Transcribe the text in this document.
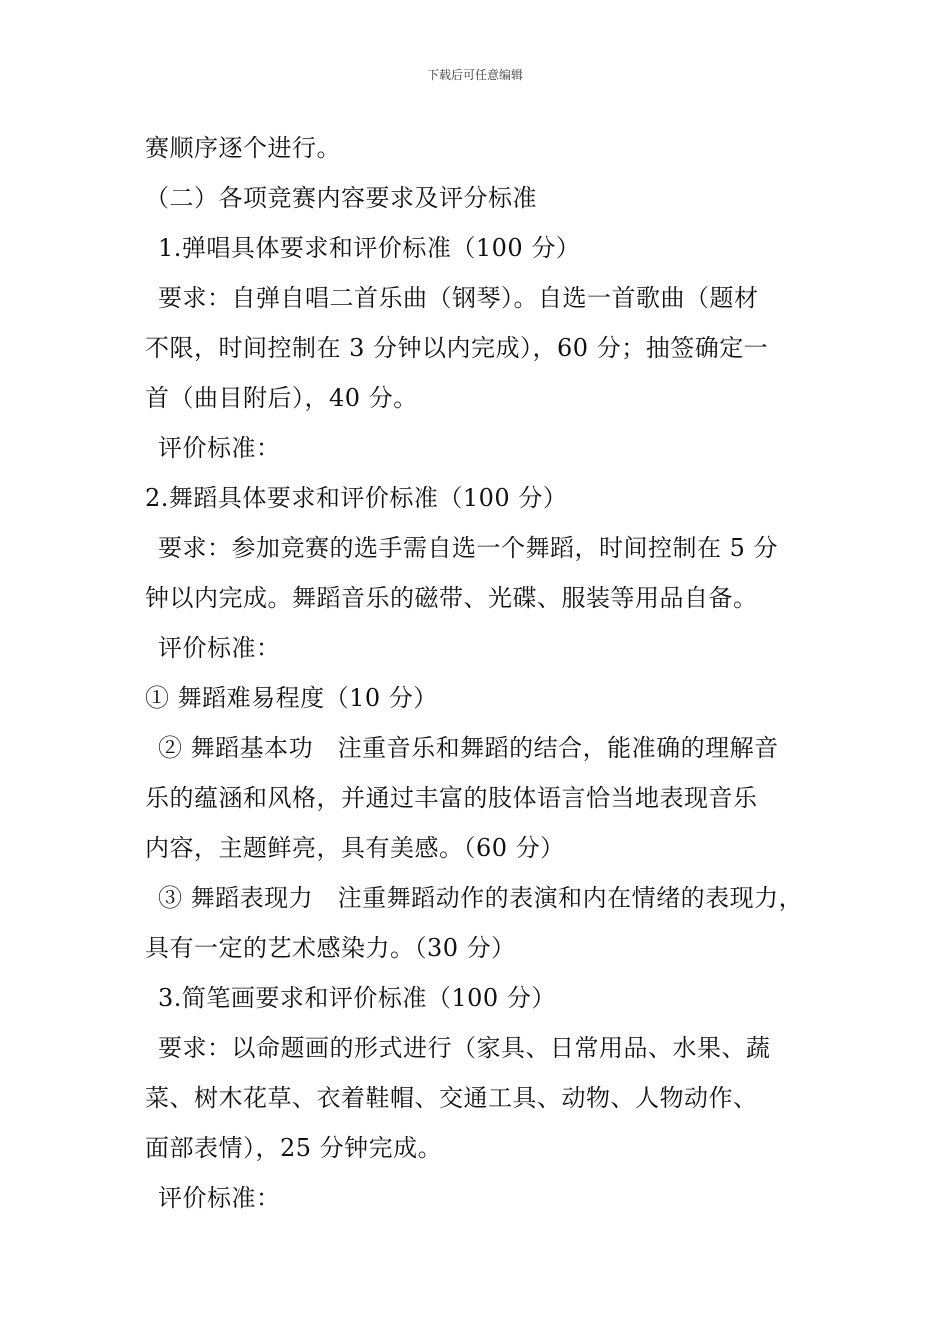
下载后可任意编辑
赛顺序逐个进行。
（二）各项竞赛内容要求及评分标准
1.弹唱具体要求和评价标准（100 分）
要求：自弹自唱二首乐曲（钢琴）。自选一首歌曲（题材
不限，时间控制在 3 分钟以内完成），60 分；抽签确定一
首（曲目附后），40 分。
评价标准：
2.舞蹈具体要求和评价标准（100 分）
要求：参加竞赛的选手需自选一个舞蹈，时间控制在 5 分
钟以内完成。舞蹈音乐的磁带、光碟、服装等用品自备。
评价标准：
① 舞蹈难易程度（10 分）
② 舞蹈基本功　注重音乐和舞蹈的结合，能准确的理解音
乐的蕴涵和风格，并通过丰富的肢体语言恰当地表现音乐
内容，主题鲜亮，具有美感。（60 分）
③ 舞蹈表现力　注重舞蹈动作的表演和内在情绪的表现力，
具有一定的艺术感染力。（30 分）
3.简笔画要求和评价标准（100 分）
要求：以命题画的形式进行（家具、日常用品、水果、蔬
菜、树木花草、衣着鞋帽、交通工具、动物、人物动作、
面部表情），25 分钟完成。
评价标准：
